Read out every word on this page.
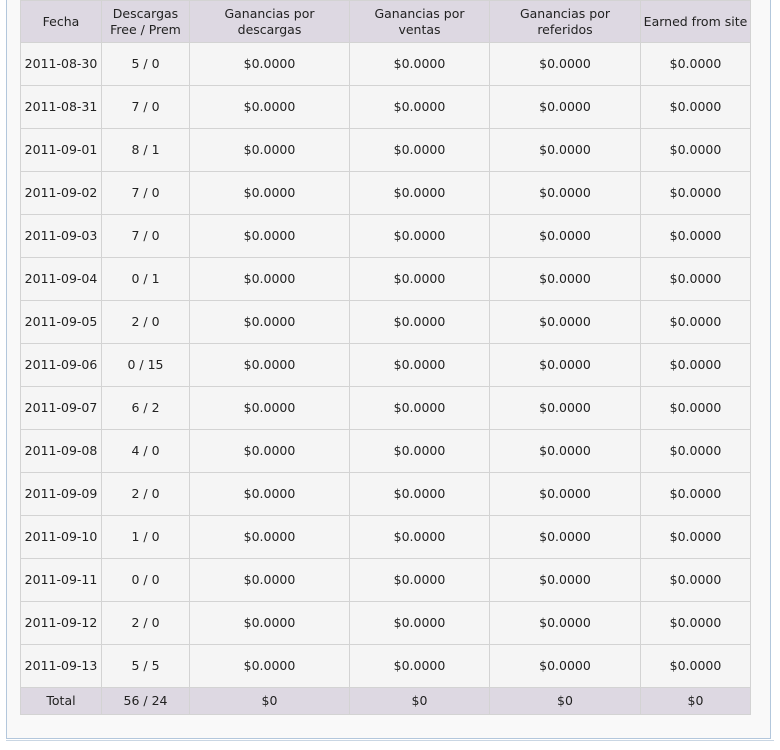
Fecha	Descargas Free / Prem	Ganancias por descargas	Ganancias por ventas	Ganancias por referidos	Earned from site
2011-08-30	5 / 0	$0.0000	$0.0000	$0.0000	$0.0000
2011-08-31	7 / 0	$0.0000	$0.0000	$0.0000	$0.0000
2011-09-01	8 / 1	$0.0000	$0.0000	$0.0000	$0.0000
2011-09-02	7 / 0	$0.0000	$0.0000	$0.0000	$0.0000
2011-09-03	7 / 0	$0.0000	$0.0000	$0.0000	$0.0000
2011-09-04	0 / 1	$0.0000	$0.0000	$0.0000	$0.0000
2011-09-05	2 / 0	$0.0000	$0.0000	$0.0000	$0.0000
2011-09-06	0 / 15	$0.0000	$0.0000	$0.0000	$0.0000
2011-09-07	6 / 2	$0.0000	$0.0000	$0.0000	$0.0000
2011-09-08	4 / 0	$0.0000	$0.0000	$0.0000	$0.0000
2011-09-09	2 / 0	$0.0000	$0.0000	$0.0000	$0.0000
2011-09-10	1 / 0	$0.0000	$0.0000	$0.0000	$0.0000
2011-09-11	0 / 0	$0.0000	$0.0000	$0.0000	$0.0000
2011-09-12	2 / 0	$0.0000	$0.0000	$0.0000	$0.0000
2011-09-13	5 / 5	$0.0000	$0.0000	$0.0000	$0.0000
Total	56 / 24	$0	$0	$0	$0
